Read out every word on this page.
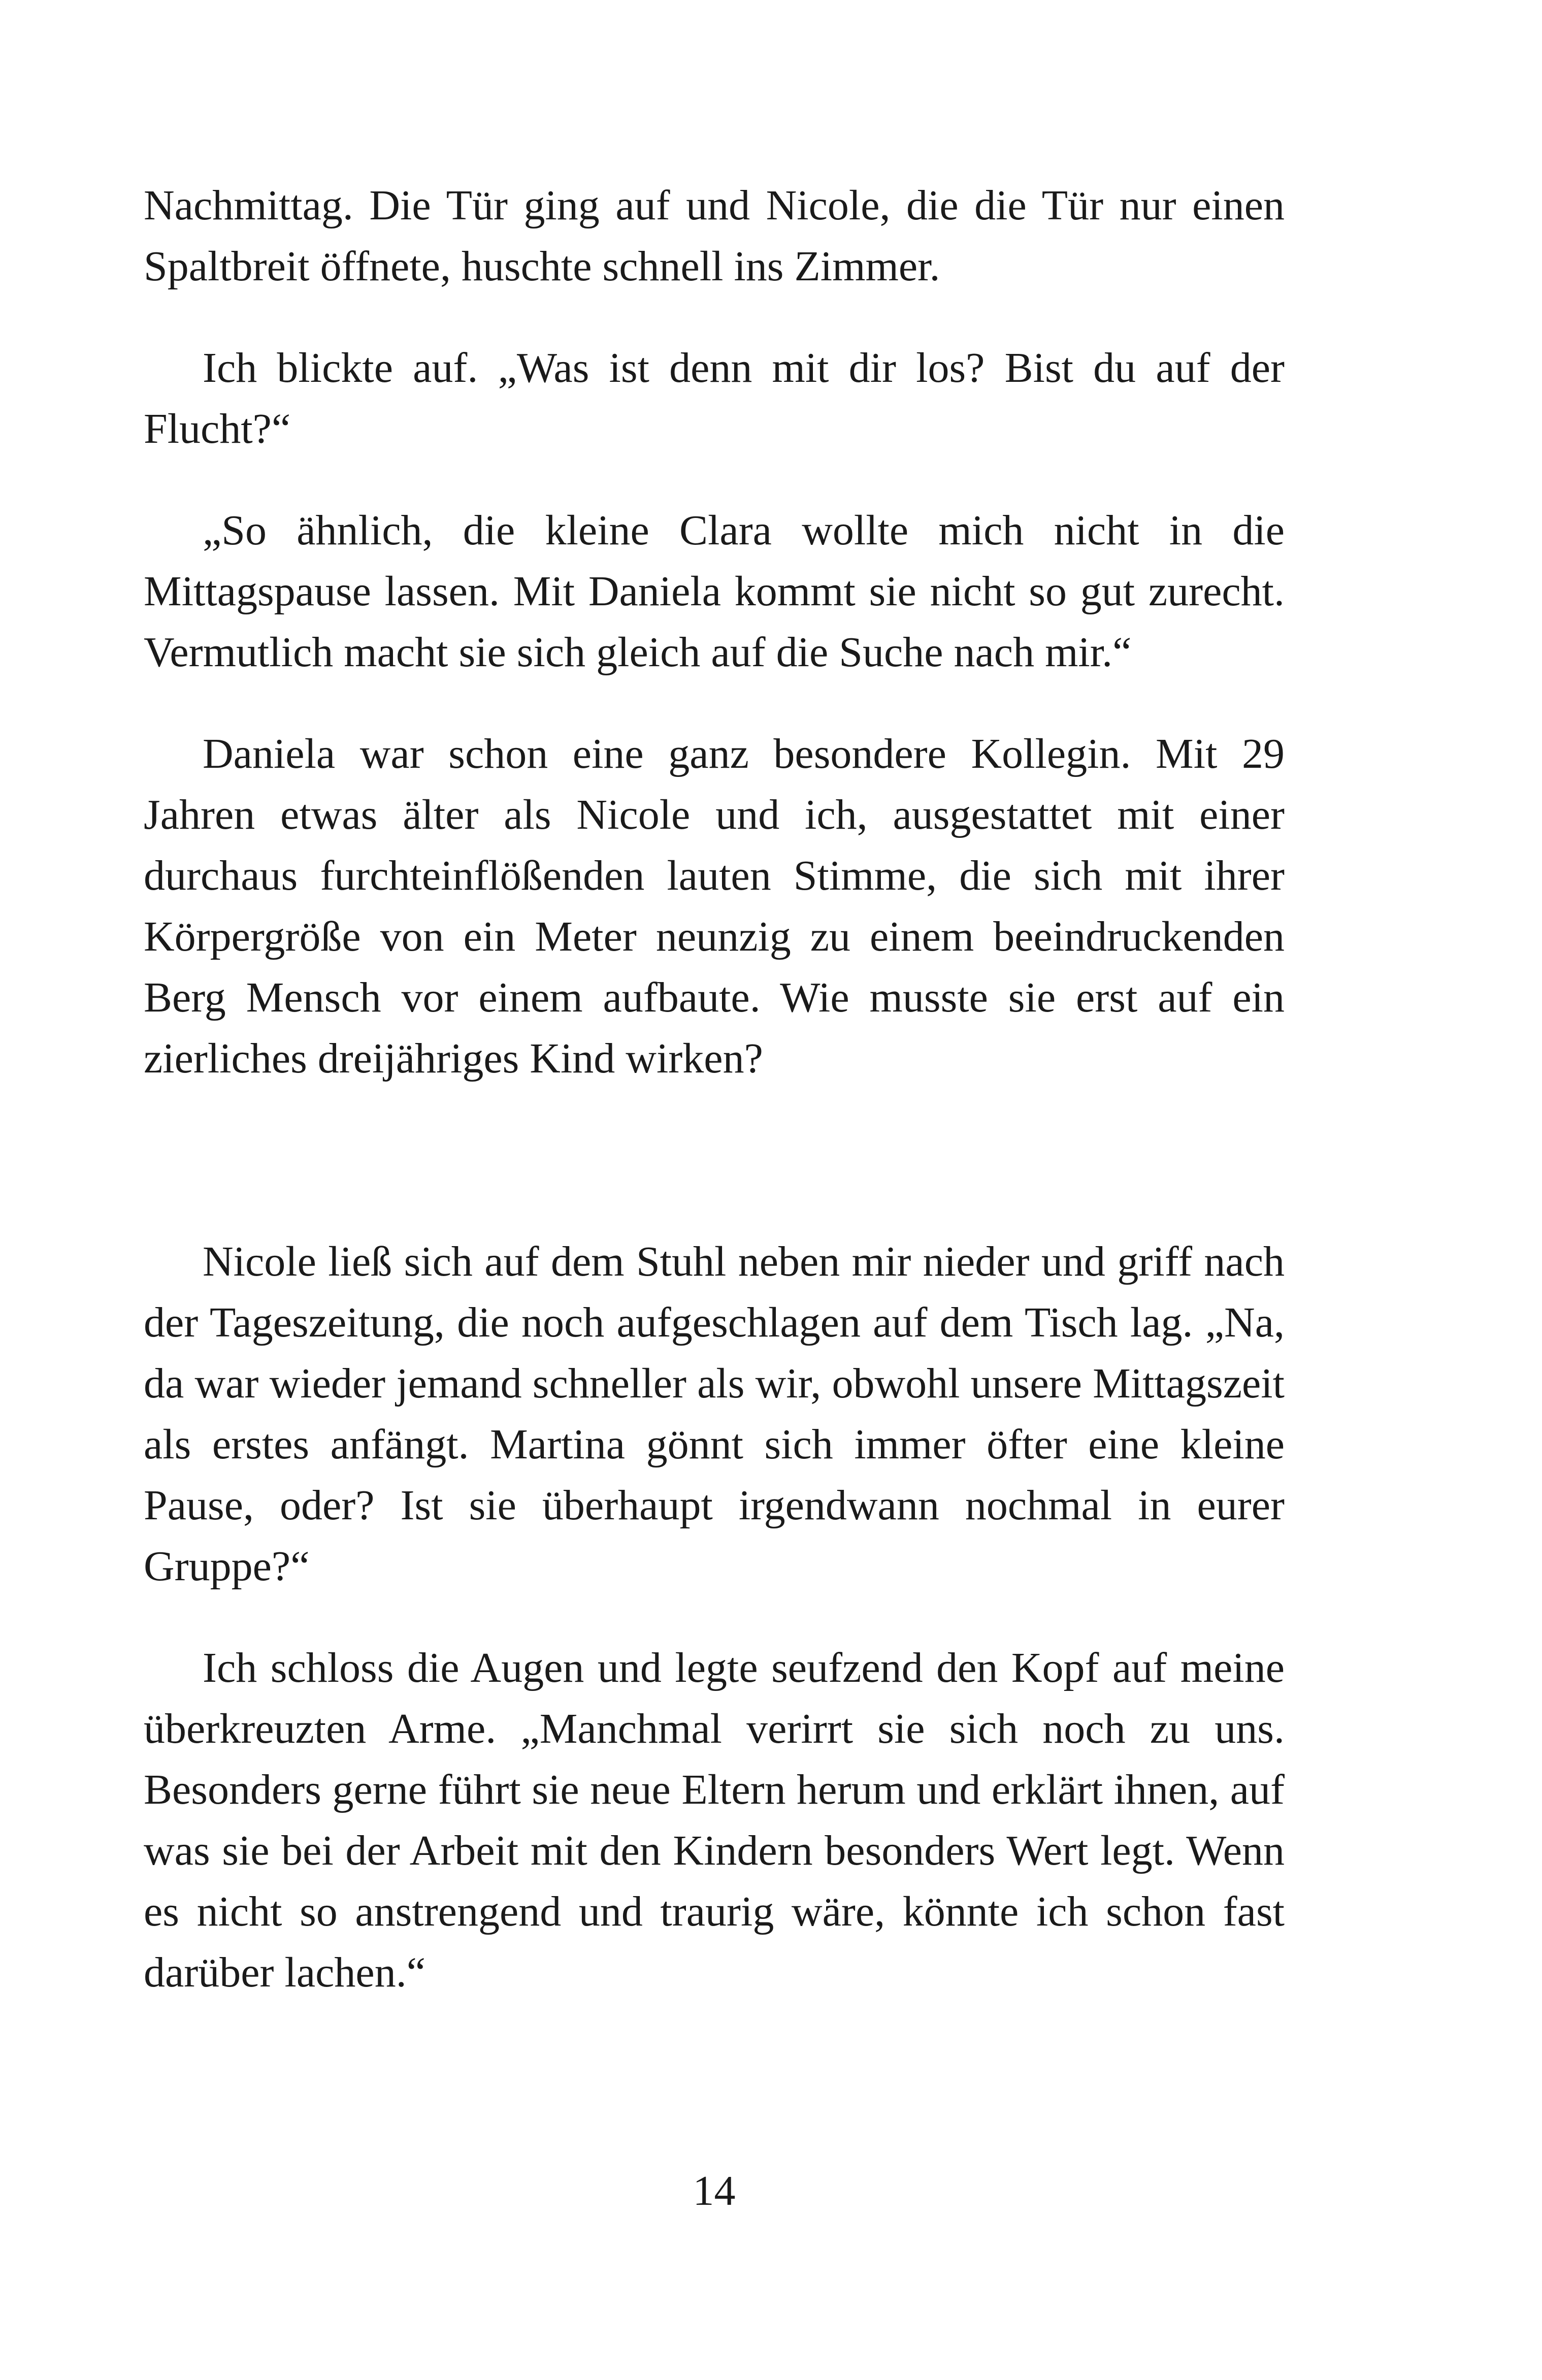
Nachmittag. Die Tür ging auf und Nicole, die die Tür nur einen Spaltbreit öffnete, huschte schnell ins Zimmer.

Ich blickte auf. „Was ist denn mit dir los? Bist du auf der Flucht?“

„So ähnlich, die kleine Clara wollte mich nicht in die Mittagspause lassen. Mit Daniela kommt sie nicht so gut zurecht. Vermutlich macht sie sich gleich auf die Suche nach mir.“

Daniela war schon eine ganz besondere Kollegin. Mit 29 Jahren etwas älter als Nicole und ich, ausgestattet mit einer durchaus furchteinflößenden lauten Stimme, die sich mit ihrer Körpergröße von ein Meter neunzig zu einem beeindruckenden Berg Mensch vor einem aufbaute. Wie musste sie erst auf ein zierliches dreijähriges Kind wirken?

Nicole ließ sich auf dem Stuhl neben mir nieder und griff nach der Tageszeitung, die noch aufgeschlagen auf dem Tisch lag. „Na, da war wieder jemand schneller als wir, obwohl unsere Mittagszeit als erstes anfängt. Martina gönnt sich immer öfter eine kleine Pause, oder? Ist sie überhaupt irgendwann nochmal in eurer Gruppe?“

Ich schloss die Augen und legte seufzend den Kopf auf meine überkreuzten Arme. „Manchmal verirrt sie sich noch zu uns. Besonders gerne führt sie neue Eltern herum und erklärt ihnen, auf was sie bei der Arbeit mit den Kindern besonders Wert legt. Wenn es nicht so anstrengend und traurig wäre, könnte ich schon fast darüber lachen.“

14
